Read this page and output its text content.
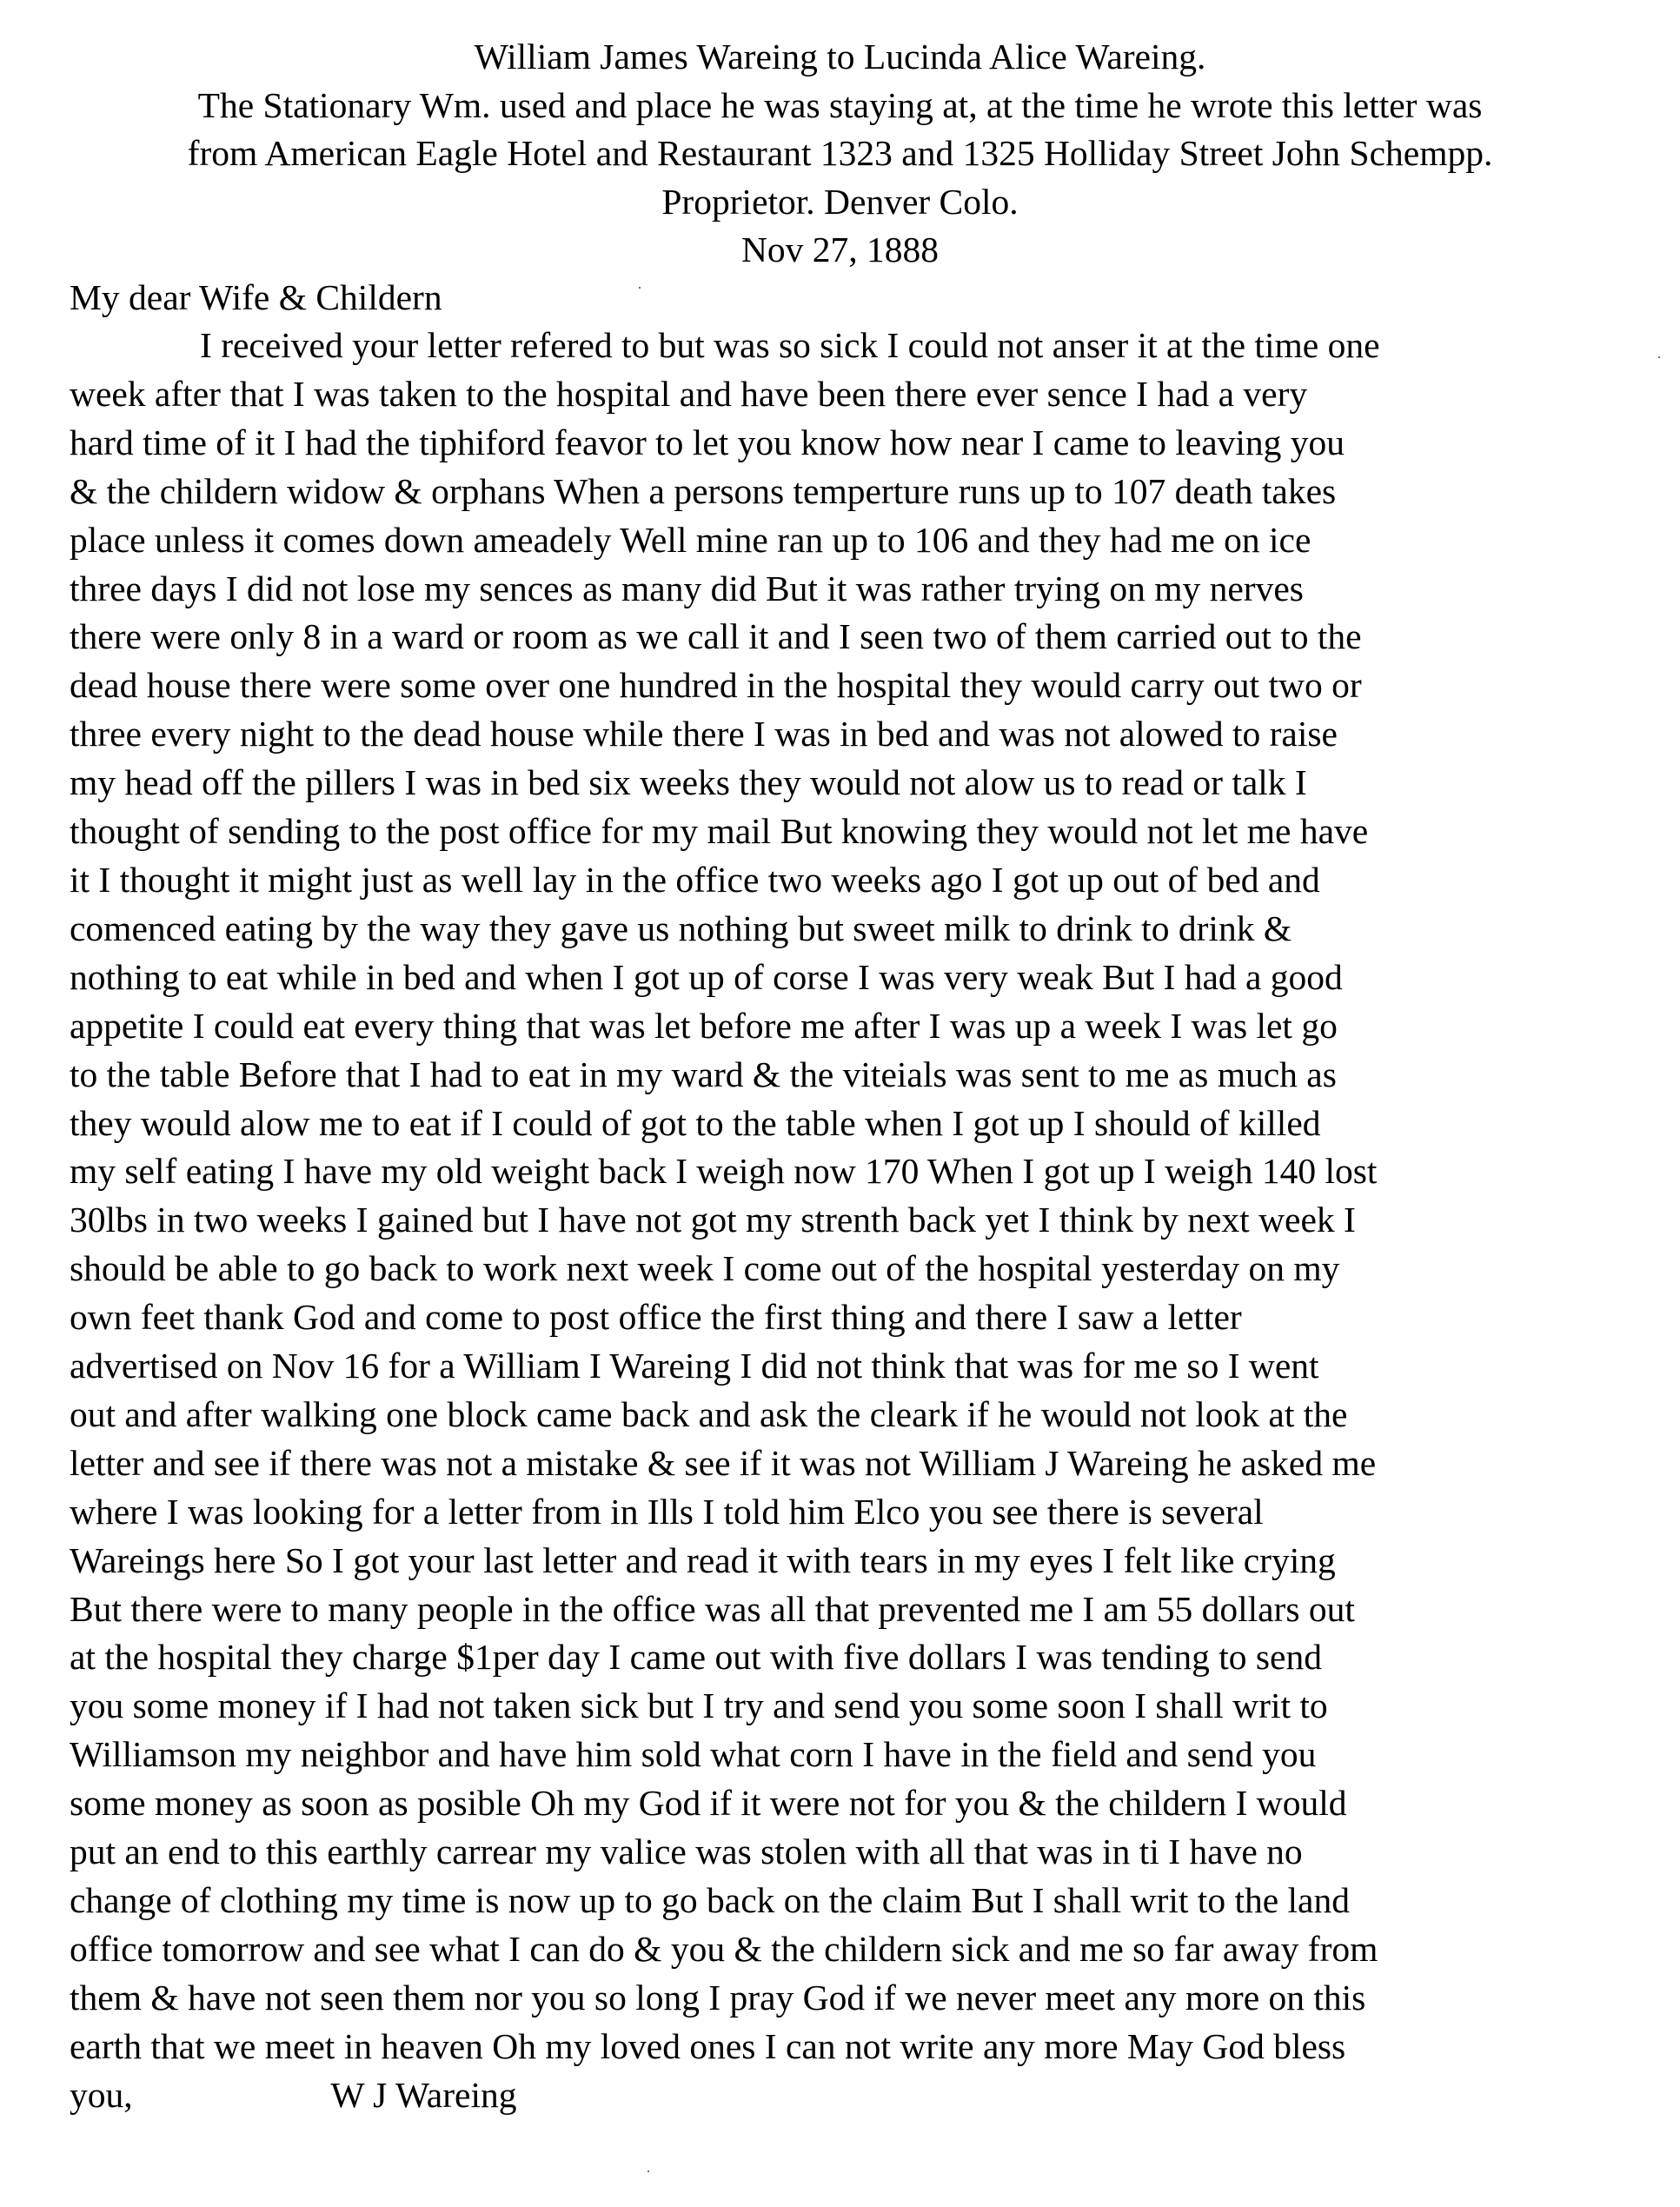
William James Wareing to Lucinda Alice Wareing.
The Stationary Wm. used and place he was staying at, at the time he wrote this letter was
from American Eagle Hotel and Restaurant 1323 and 1325 Holliday Street John Schempp.
Proprietor. Denver Colo.
Nov 27, 1888
My dear Wife & Childern
I received your letter refered to but was so sick I could not anser it at the time one
week after that I was taken to the hospital and have been there ever sence I had a very
hard time of it I had the tiphiford feavor to let you know how near I came to leaving you
& the childern widow & orphans When a persons temperture runs up to 107 death takes
place unless it comes down ameadely Well mine ran up to 106 and they had me on ice
three days I did not lose my sences as many did But it was rather trying on my nerves
there were only 8 in a ward or room as we call it and I seen two of them carried out to the
dead house there were some over one hundred in the hospital they would carry out two or
three every night to the dead house while there I was in bed and was not alowed to raise
my head off the pillers I was in bed six weeks they would not alow us to read or talk I
thought of sending to the post office for my mail But knowing they would not let me have
it I thought it might just as well lay in the office two weeks ago I got up out of bed and
comenced eating by the way they gave us nothing but sweet milk to drink to drink &
nothing to eat while in bed and when I got up of corse I was very weak But I had a good
appetite I could eat every thing that was let before me after I was up a week I was let go
to the table Before that I had to eat in my ward & the viteials was sent to me as much as
they would alow me to eat if I could of got to the table when I got up I should of killed
my self eating I have my old weight back I weigh now 170 When I got up I weigh 140 lost
30lbs in two weeks I gained but I have not got my strenth back yet I think by next week I
should be able to go back to work next week I come out of the hospital yesterday on my
own feet thank God and come to post office the first thing and there I saw a letter
advertised on Nov 16 for a William I Wareing I did not think that was for me so I went
out and after walking one block came back and ask the cleark if he would not look at the
letter and see if there was not a mistake & see if it was not William J Wareing he asked me
where I was looking for a letter from in Ills I told him Elco you see there is several
Wareings here So I got your last letter and read it with tears in my eyes I felt like crying
But there were to many people in the office was all that prevented me I am 55 dollars out
at the hospital they charge $1per day I came out with five dollars I was tending to send
you some money if I had not taken sick but I try and send you some soon I shall writ to
Williamson my neighbor and have him sold what corn I have in the field and send you
some money as soon as posible Oh my God if it were not for you & the childern I would
put an end to this earthly carrear my valice was stolen with all that was in ti I have no
change of clothing my time is now up to go back on the claim But I shall writ to the land
office tomorrow and see what I can do & you & the childern sick and me so far away from
them & have not seen them nor you so long I pray God if we never meet any more on this
earth that we meet in heaven Oh my loved ones I can not write any more May God bless
you,	W J Wareing
